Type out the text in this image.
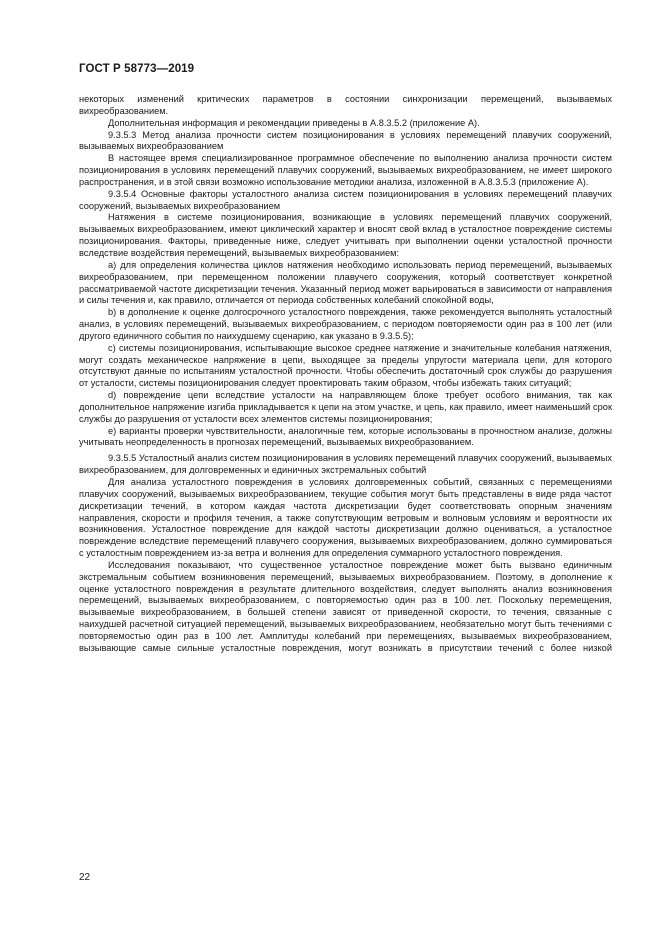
ГОСТ Р 58773—2019

некоторых изменений критических параметров в состоянии синхронизации перемещений, вызываемых вихреобразованием.

Дополнительная информация и рекомендации приведены в А.8.3.5.2 (приложение А).

9.3.5.3 Метод анализа прочности систем позиционирования в условиях перемещений плавучих сооружений, вызываемых вихреобразованием

В настоящее время специализированное программное обеспечение по выполнению анализа прочности систем позиционирования в условиях перемещений плавучих сооружений, вызываемых вихреобразованием, не имеет широкого распространения, и в этой связи возможно использование методики анализа, изложенной в А.8.3.5.3 (приложение А).

9.3.5.4 Основные факторы усталостного анализа систем позиционирования в условиях перемещений плавучих сооружений, вызываемых вихреобразованием

Натяжения в системе позиционирования, возникающие в условиях перемещений плавучих сооружений, вызываемых вихреобразованием, имеют циклический характер и вносят свой вклад в усталостное повреждение системы позиционирования. Факторы, приведенные ниже, следует учитывать при выполнении оценки усталостной прочности вследствие воздействия перемещений, вызываемых вихреобразованием:

а) для определения количества циклов натяжения необходимо использовать период перемещений, вызываемых вихреобразованием, при перемещенном положении плавучего сооружения, который соответствует конкретной рассматриваемой частоте дискретизации течения. Указанный период может варьироваться в зависимости от направления и силы течения и, как правило, отличается от периода собственных колебаний спокойной воды,

b) в дополнение к оценке долгосрочного усталостного повреждения, также рекомендуется выполнять усталостный анализ, в условиях перемещений, вызываемых вихреобразованием, с периодом повторяемости один раз в 100 лет (или другого единичного события по наихудшему сценарию, как указано в 9.3.5.5);

c) системы позиционирования, испытывающие высокое среднее натяжение и значительные колебания натяжения, могут создать механическое напряжение в цепи, выходящее за пределы упругости материала цепи, для которого отсутствуют данные по испытаниям усталостной прочности. Чтобы обеспечить достаточный срок службы до разрушения от усталости, системы позиционирования следует проектировать таким образом, чтобы избежать таких ситуаций;

d) повреждение цепи вследствие усталости на направляющем блоке требует особого внимания, так как дополнительное напряжение изгиба прикладывается к цепи на этом участке, и цепь, как правило, имеет наименьший срок службы до разрушения от усталости всех элементов системы позиционирования;

е) варианты проверки чувствительности, аналогичные тем, которые использованы в прочностном анализе, должны учитывать неопределенность в прогнозах перемещений, вызываемых вихреобразованием.

9.3.5.5 Усталостный анализ систем позиционирования в условиях перемещений плавучих сооружений, вызываемых вихреобразованием, для долговременных и единичных экстремальных событий

Для анализа усталостного повреждения в условиях долговременных событий, связанных с перемещениями плавучих сооружений, вызываемых вихреобразованием, текущие события могут быть представлены в виде ряда частот дискретизации течений, в котором каждая частота дискретизации будет соответствовать опорным значениям направления, скорости и профиля течения, а также сопутствующим ветровым и волновым условиям и вероятности их возникновения. Усталостное повреждение для каждой частоты дискретизации должно оцениваться, а усталостное повреждение вследствие перемещений плавучего сооружения, вызываемых вихреобразованием, должно суммироваться с усталостным повреждением из-за ветра и волнения для определения суммарного усталостного повреждения.

Исследования показывают, что существенное усталостное повреждение может быть вызвано единичным экстремальным событием возникновения перемещений, вызываемых вихреобразованием. Поэтому, в дополнение к оценке усталостного повреждения в результате длительного воздействия, следует выполнять анализ возникновения перемещений, вызываемых вихреобразованием, с повторяемостью один раз в 100 лет. Поскольку перемещения, вызываемые вихреобразованием, в большей степени зависят от приведенной скорости, то течения, связанные с наихудшей расчетной ситуацией перемещений, вызываемых вихреобразованием, необязательно могут быть течениями с повторяемостью один раз в 100 лет. Амплитуды колебаний при перемещениях, вызываемых вихреобразованием, вызывающие самые сильные усталостные повреждения, могут возникать в присутствии течений с более низкой

22
